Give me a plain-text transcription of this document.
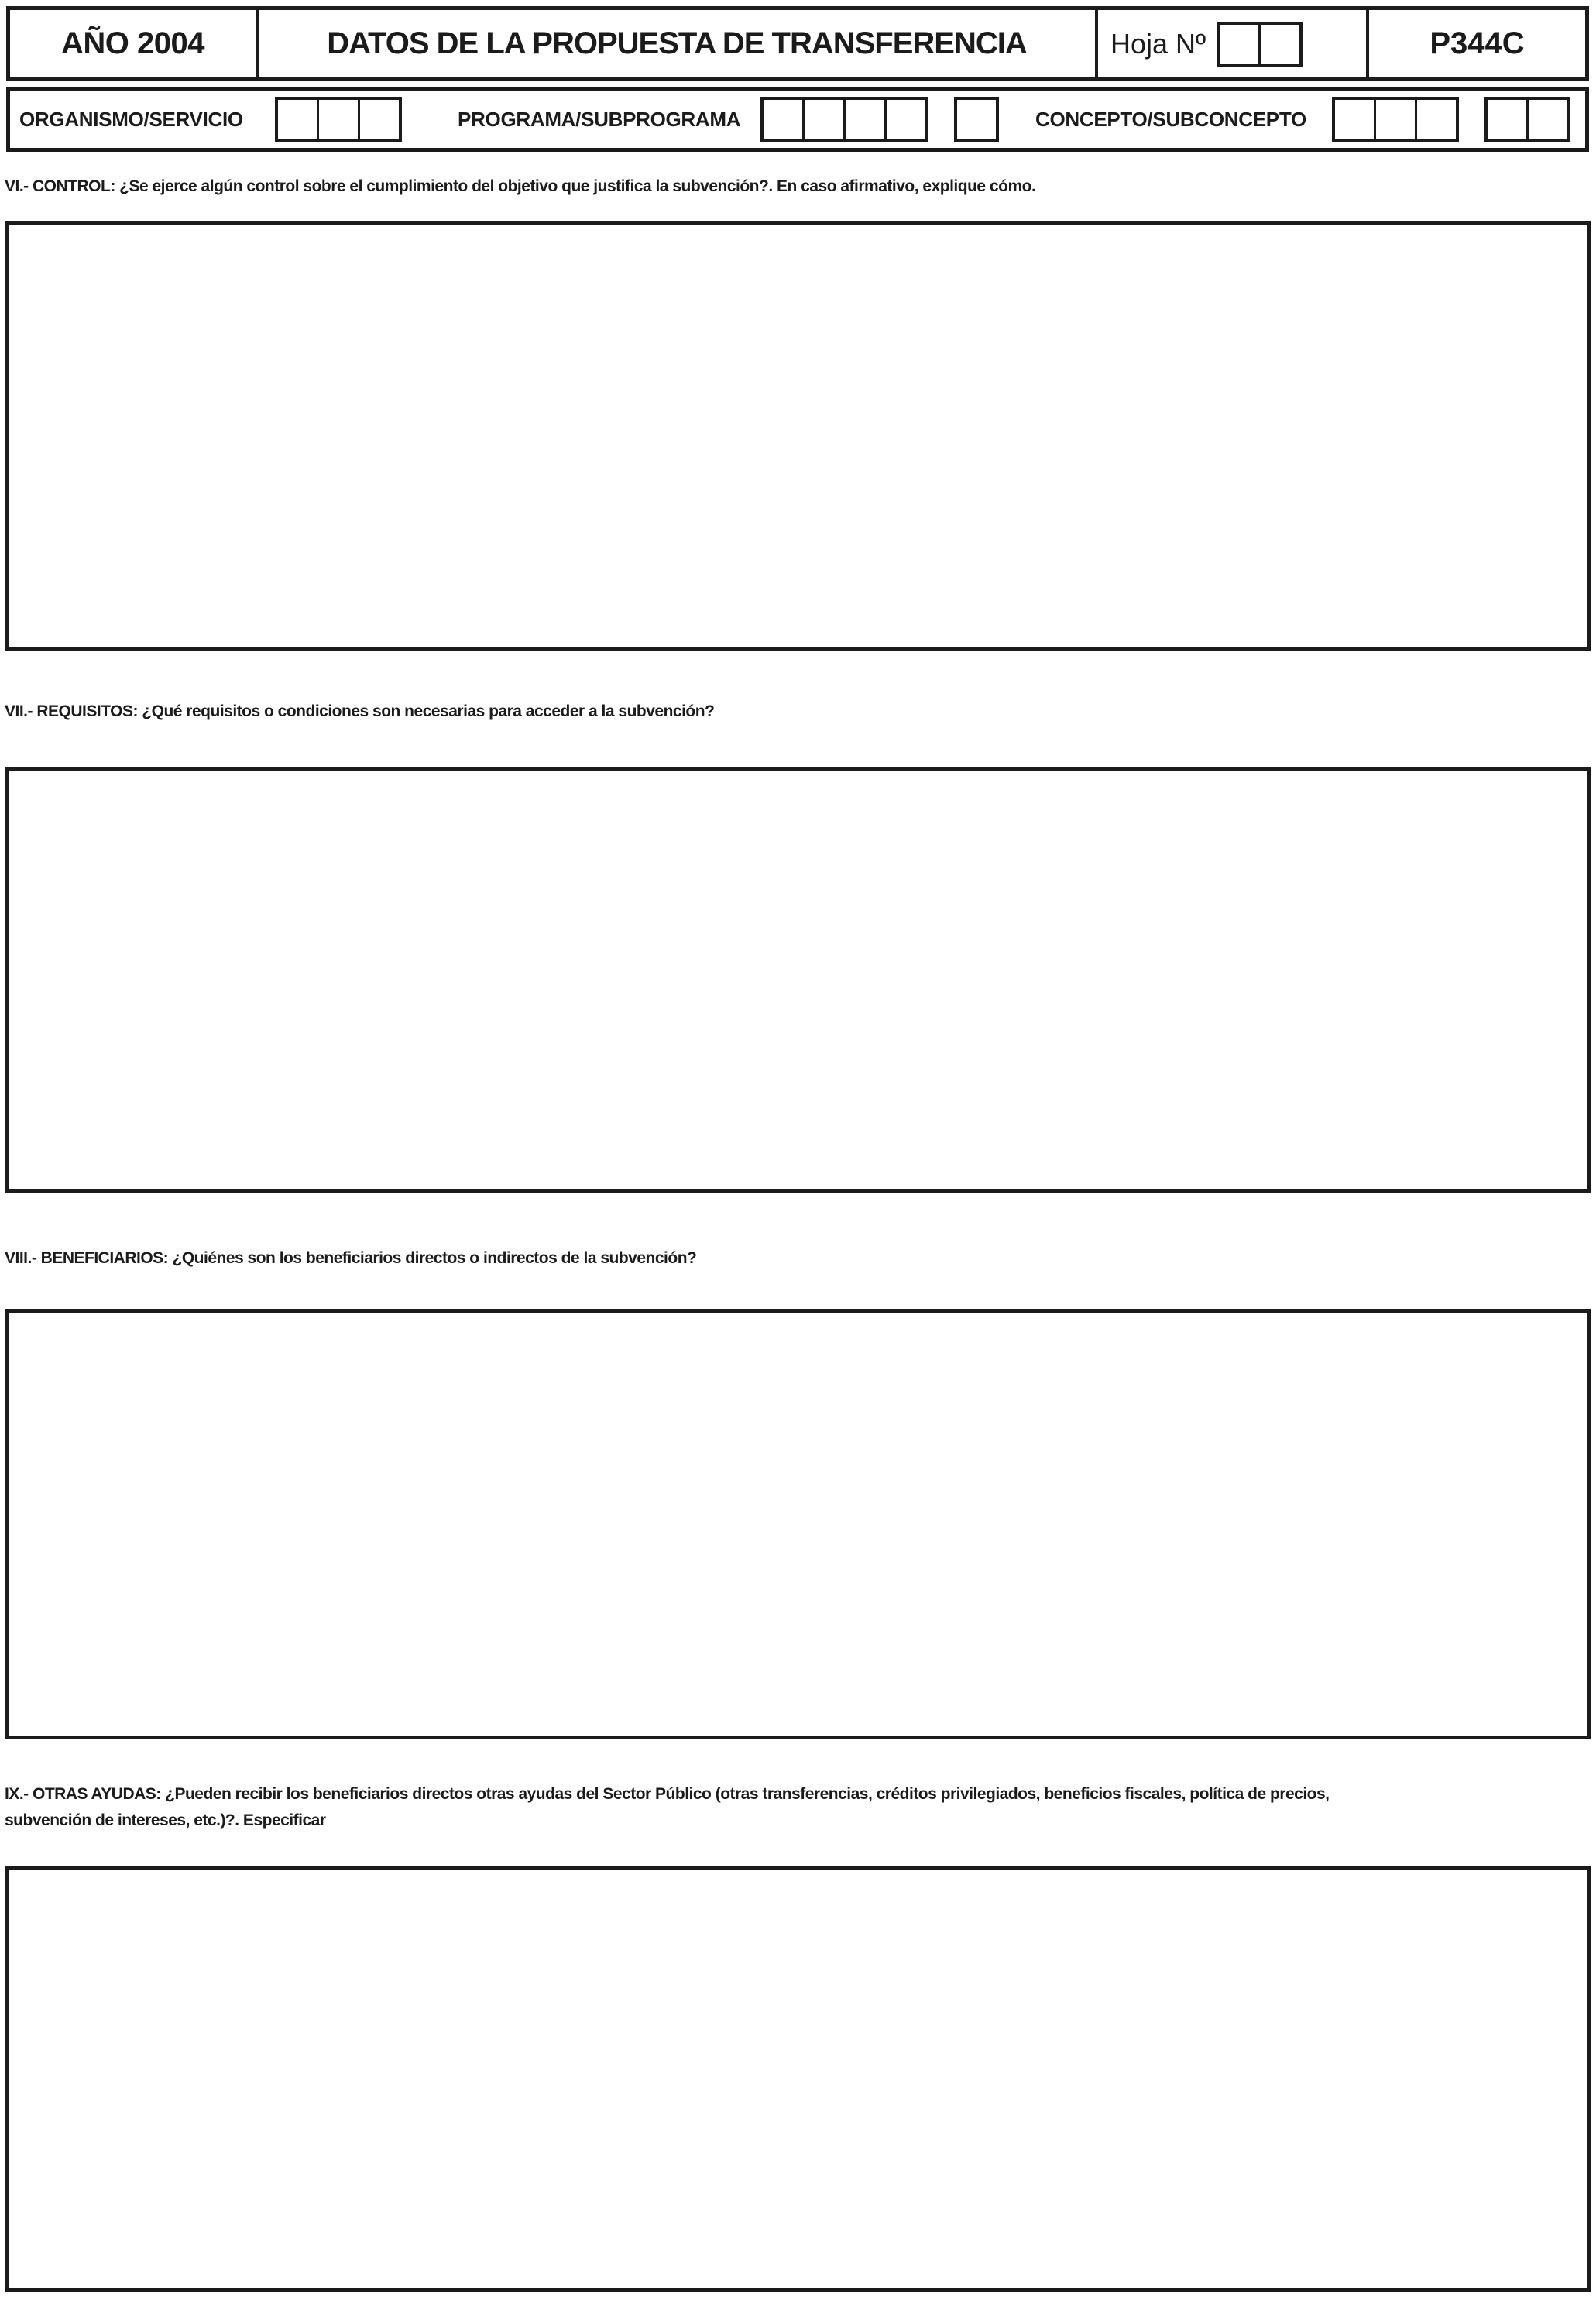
AÑO 2004	DATOS DE LA PROPUESTA DE TRANSFERENCIA	Hoja Nº	P344C
ORGANISMO/SERVICIO	PROGRAMA/SUBPROGRAMA	CONCEPTO/SUBCONCEPTO
VI.- CONTROL: ¿Se ejerce algún control sobre el cumplimiento del objetivo que justifica la subvención?. En caso afirmativo, explique cómo.
VII.- REQUISITOS: ¿Qué requisitos o condiciones son necesarias para acceder a la subvención?
VIII.- BENEFICIARIOS: ¿Quiénes son los beneficiarios directos o indirectos de la subvención?
IX.- OTRAS AYUDAS: ¿Pueden recibir los beneficiarios directos otras ayudas del Sector Público (otras transferencias, créditos privilegiados, beneficios fiscales, política de precios,
subvención de intereses, etc.)?. Especificar
